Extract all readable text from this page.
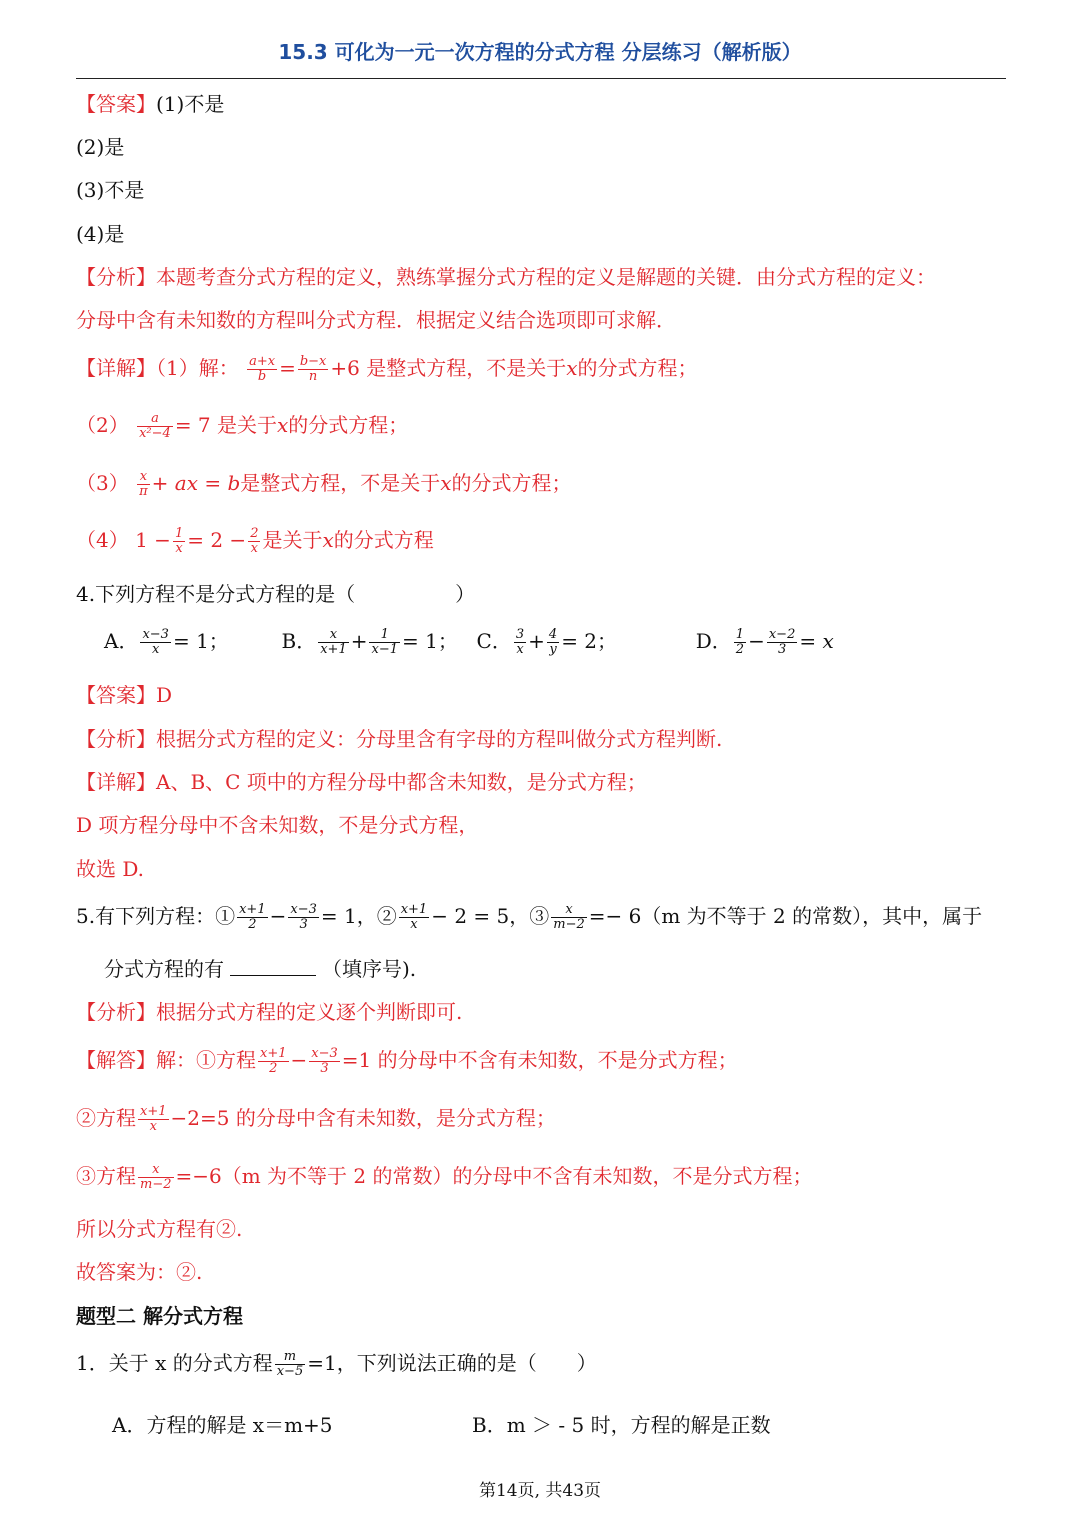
15.3 可化为一元一次方程的分式方程 分层练习（解析版）
【答案】(1)不是
(2)是
(3)不是
(4)是
【分析】本题考查分式方程的定义，熟练掌握分式方程的定义是解题的关键．由分式方程的定义：
分母中含有未知数的方程叫分式方程．根据定义结合选项即可求解．
【详解】（1）解： $\frac{a+x}{b} = \frac{b-x}{n} +6$ 是整式方程，不是关于x的分式方程；
$(2) \frac{a}{\text{x²−4}} = 7$ 是关于x的分式方程；
$(3) \frac{x}{\pi}$ + ax = b是整式方程，不是关于x的分式方程；
（4） $1 - \frac{1}{x} = 2 - \frac{2}{x}$ 是关于x的分式方程
4.下列方程不是分式方程的是（　　　　　）
A． $\frac{x-3}{x} = 1$；	B． $\frac{x}{x+1} + \frac{1}{x-1} = 1$； C． $\frac{3}{x} + \frac{4}{y} = 2$；	D． $\frac{1}{2} - \frac{x-2}{3} = x$
【答案】D
【分析】根据分式方程的定义：分母里含有字母的方程叫做分式方程判断.
【详解】A、B、C 项中的方程分母中都含未知数，是分式方程；
D 项方程分母中不含未知数，不是分式方程，
故选 D.
5.有下列方程：① $\frac{x+1}{2} - \frac{x-3}{3} = 1$，② $\frac{x+1}{x} - 2 = 5$，③ $\frac{x}{m-2} =- 6(m$ 为不等于 2 的常数），其中，属于
分式方程的有	（填序号).
【分析】根据分式方程的定义逐个判断即可.
【解答】解：①方程 $\frac{x+1}{2} - \frac{x-3}{3} =1$ 的分母中不含有未知数，不是分式方程；
②方程 $\frac{x+1}{x} -2=5$ 的分母中含有未知数，是分式方程；
③方程 $\frac{x}{m-2} =-6(m$ 为不等于 2 的常数）的分母中不含有未知数，不是分式方程；
所以分式方程有②.
故答案为：②.
题型二 解分式方程
1．关于 x 的分式方程 $\frac{m}{x-5} =1$，下列说法正确的是（　　）
A．方程的解是 x＝m+5	B．m ＞ - 5 时，方程的解是正数
第14页, 共43页
